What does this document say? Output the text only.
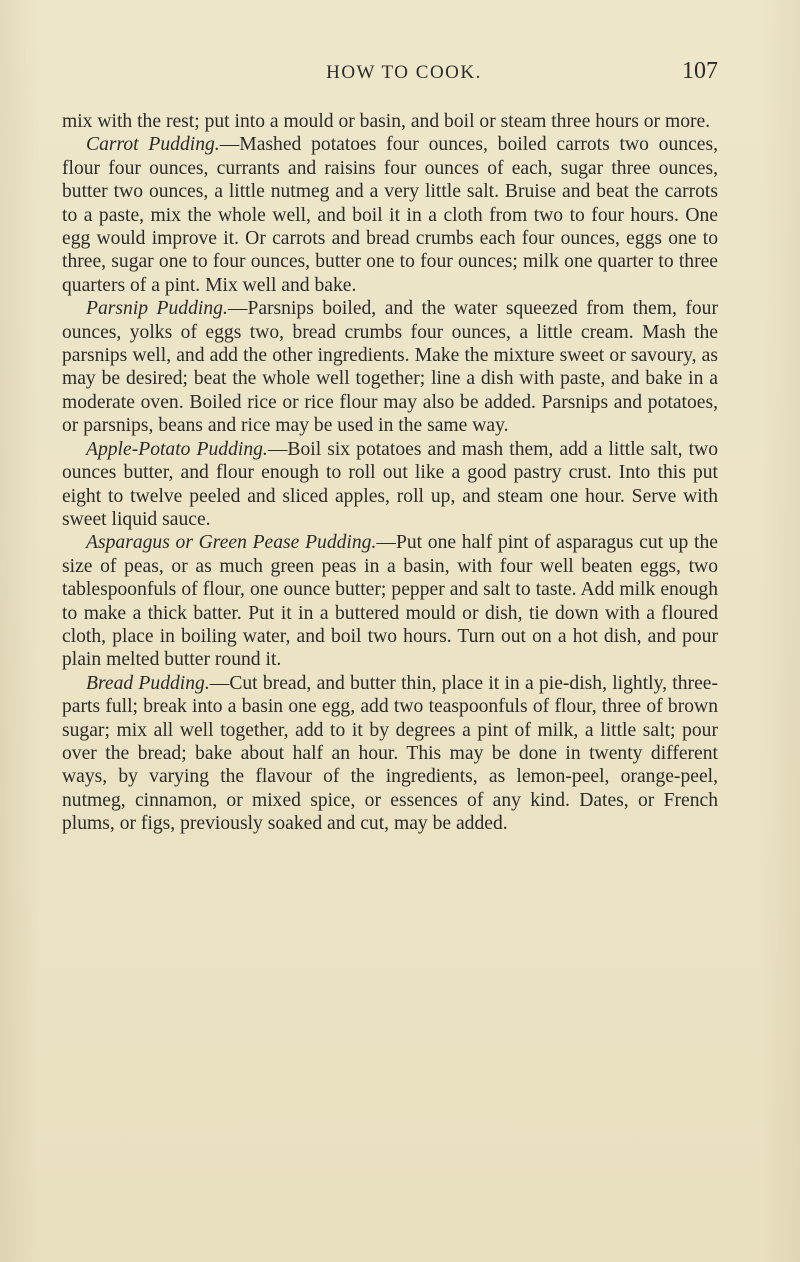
HOW TO COOK.	107

mix with the rest; put into a mould or basin, and boil or steam three hours or more.

Carrot Pudding.—Mashed potatoes four ounces, boiled carrots two ounces, flour four ounces, currants and raisins four ounces of each, sugar three ounces, butter two ounces, a little nutmeg and a very little salt. Bruise and beat the carrots to a paste, mix the whole well, and boil it in a cloth from two to four hours. One egg would improve it. Or carrots and bread crumbs each four ounces, eggs one to three, sugar one to four ounces, butter one to four ounces; milk one quarter to three quarters of a pint. Mix well and bake.

Parsnip Pudding.—Parsnips boiled, and the water squeezed from them, four ounces, yolks of eggs two, bread crumbs four ounces, a little cream. Mash the parsnips well, and add the other ingredients. Make the mixture sweet or savoury, as may be desired; beat the whole well together; line a dish with paste, and bake in a moderate oven. Boiled rice or rice flour may also be added. Parsnips and potatoes, or parsnips, beans and rice may be used in the same way.

Apple-Potato Pudding.—Boil six potatoes and mash them, add a little salt, two ounces butter, and flour enough to roll out like a good pastry crust. Into this put eight to twelve peeled and sliced apples, roll up, and steam one hour. Serve with sweet liquid sauce.

Asparagus or Green Pease Pudding.—Put one half pint of asparagus cut up the size of peas, or as much green peas in a basin, with four well beaten eggs, two tablespoonfuls of flour, one ounce butter; pepper and salt to taste. Add milk enough to make a thick batter. Put it in a buttered mould or dish, tie down with a floured cloth, place in boiling water, and boil two hours. Turn out on a hot dish, and pour plain melted butter round it.

Bread Pudding.—Cut bread, and butter thin, place it in a pie-dish, lightly, three-parts full; break into a basin one egg, add two teaspoonfuls of flour, three of brown sugar; mix all well together, add to it by degrees a pint of milk, a little salt; pour over the bread; bake about half an hour. This may be done in twenty different ways, by varying the flavour of the ingredients, as lemon-peel, orange-peel, nutmeg, cinnamon, or mixed spice, or essences of any kind. Dates, or French plums, or figs, previously soaked and cut, may be added.
